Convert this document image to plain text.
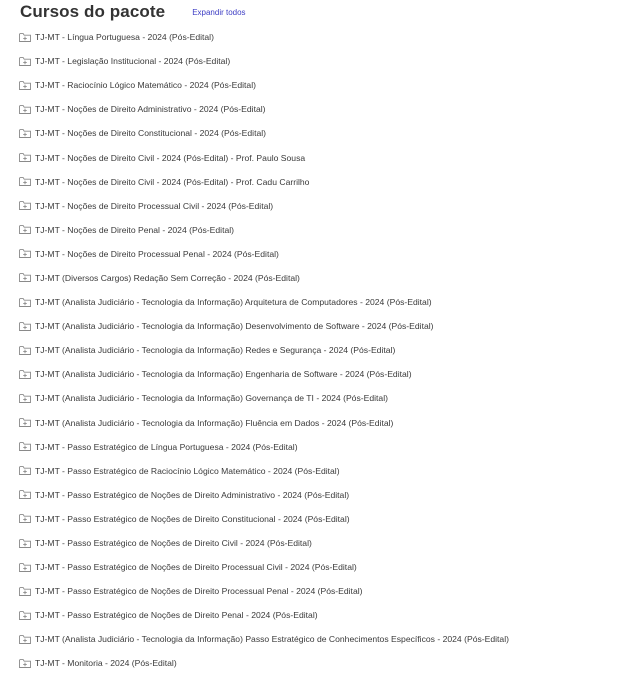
Cursos do pacote	Expandir todos
TJ-MT - Língua Portuguesa - 2024 (Pós-Edital)
TJ-MT - Legislação Institucional - 2024 (Pós-Edital)
TJ-MT - Raciocínio Lógico Matemático - 2024 (Pós-Edital)
TJ-MT - Noções de Direito Administrativo - 2024 (Pós-Edital)
TJ-MT - Noções de Direito Constitucional - 2024 (Pós-Edital)
TJ-MT - Noções de Direito Civil - 2024 (Pós-Edital) - Prof. Paulo Sousa
TJ-MT - Noções de Direito Civil - 2024 (Pós-Edital) - Prof. Cadu Carrilho
TJ-MT - Noções de Direito Processual Civil - 2024 (Pós-Edital)
TJ-MT - Noções de Direito Penal - 2024 (Pós-Edital)
TJ-MT - Noções de Direito Processual Penal - 2024 (Pós-Edital)
TJ-MT (Diversos Cargos) Redação Sem Correção - 2024 (Pós-Edital)
TJ-MT (Analista Judiciário - Tecnologia da Informação) Arquitetura de Computadores - 2024 (Pós-Edital)
TJ-MT (Analista Judiciário - Tecnologia da Informação) Desenvolvimento de Software - 2024 (Pós-Edital)
TJ-MT (Analista Judiciário - Tecnologia da Informação) Redes e Segurança - 2024 (Pós-Edital)
TJ-MT (Analista Judiciário - Tecnologia da Informação) Engenharia de Software - 2024 (Pós-Edital)
TJ-MT (Analista Judiciário - Tecnologia da Informação) Governança de TI - 2024 (Pós-Edital)
TJ-MT (Analista Judiciário - Tecnologia da Informação) Fluência em Dados - 2024 (Pós-Edital)
TJ-MT - Passo Estratégico de Língua Portuguesa - 2024 (Pós-Edital)
TJ-MT - Passo Estratégico de Raciocínio Lógico Matemático - 2024 (Pós-Edital)
TJ-MT - Passo Estratégico de Noções de Direito Administrativo - 2024 (Pós-Edital)
TJ-MT - Passo Estratégico de Noções de Direito Constitucional - 2024 (Pós-Edital)
TJ-MT - Passo Estratégico de Noções de Direito Civil - 2024 (Pós-Edital)
TJ-MT - Passo Estratégico de Noções de Direito Processual Civil - 2024 (Pós-Edital)
TJ-MT - Passo Estratégico de Noções de Direito Processual Penal - 2024 (Pós-Edital)
TJ-MT - Passo Estratégico de Noções de Direito Penal - 2024 (Pós-Edital)
TJ-MT (Analista Judiciário - Tecnologia da Informação) Passo Estratégico de Conhecimentos Específicos - 2024 (Pós-Edital)
TJ-MT - Monitoria - 2024 (Pós-Edital)
